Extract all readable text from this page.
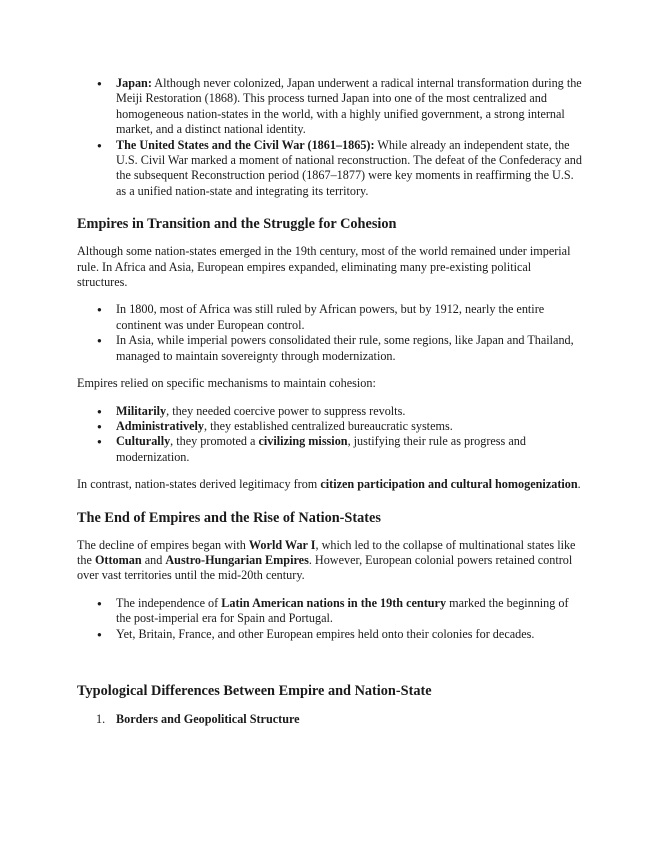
● Japan: Although never colonized, Japan underwent a radical internal transformation during the Meiji Restoration (1868). This process turned Japan into one of the most centralized and homogeneous nation-states in the world, with a highly unified government, a strong internal market, and a distinct national identity.
● The United States and the Civil War (1861–1865): While already an independent state, the U.S. Civil War marked a moment of national reconstruction. The defeat of the Confederacy and the subsequent Reconstruction period (1867–1877) were key moments in reaffirming the U.S. as a unified nation-state and integrating its territory.
Empires in Transition and the Struggle for Cohesion

Although some nation-states emerged in the 19th century, most of the world remained under imperial rule. In Africa and Asia, European empires expanded, eliminating many pre-existing political structures.

● In 1800, most of Africa was still ruled by African powers, but by 1912, nearly the entire continent was under European control.
● In Asia, while imperial powers consolidated their rule, some regions, like Japan and Thailand, managed to maintain sovereignty through modernization.

Empires relied on specific mechanisms to maintain cohesion:

● Militarily, they needed coercive power to suppress revolts.
● Administratively, they established centralized bureaucratic systems.
● Culturally, they promoted a civilizing mission, justifying their rule as progress and modernization.

In contrast, nation-states derived legitimacy from citizen participation and cultural homogenization.

The End of Empires and the Rise of Nation-States

The decline of empires began with World War I, which led to the collapse of multinational states like the Ottoman and Austro-Hungarian Empires. However, European colonial powers retained control over vast territories until the mid-20th century.

● The independence of Latin American nations in the 19th century marked the beginning of the post-imperial era for Spain and Portugal.
● Yet, Britain, France, and other European empires held onto their colonies for decades.
Typological Differences Between Empire and Nation-State
1. Borders and Geopolitical Structure
